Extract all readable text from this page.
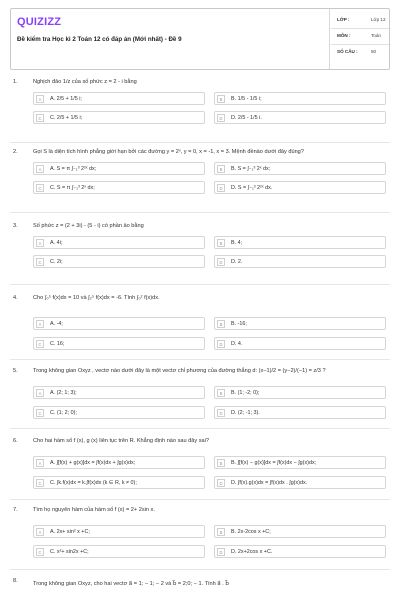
QUIZIZZ
Đề kiểm tra Học kì 2 Toán 12 có đáp án (Mới nhất) - Đề 9
LỚP :	Lớp 12
MÔN :	Toán
SỐ CÂU :	50
1.	Nghịch đảo 1/z của số phức z = 2 - i bằng
A	A. 2/5 + 1/5 i;	B	B. 1/5 - 1/5 i;
C	C. 2/5 + 1/5 i;	D	D. 2/5 - 1/5 i.
2.	Gọi S là diện tích hình phẳng giới hạn bởi các đường y = 2ˣ, y = 0, x = -1, x = 3. Mệnh đềnào dưới đây đúng?
A	A. S = π ∫₋₁³ 2²ˣ dx;	B	B. S = ∫₋₁³ 2ˣ dx;
C	C. S = π ∫₋₁³ 2ˣ dx;	D	D. S = ∫₋₁³ 2²ˣ dx.
3.	Số phức z = (2 + 3i) - (5 - i) có phần ảo bằng
A	A. 4i;	B	B. 4;
C	C. 2i;	D	D. 2.
4.	Cho ∫₀⁵ f(x)dx = 10 và ∫₂⁵ f(x)dx = -6. Tính ∫₀² f(x)dx.
A	A. -4;	B	B. -16;
C	C. 16;	D	D. 4.
5.	Trong không gian Oxyz , vectơ nào dưới đây là một vectơ chỉ phương của đường thẳng d: (x−1)/2 = (y−2)/(−1) = z/3 ?
A	A. (2; 1; 3);	B	B. (1; -2; 0);
C	C. (1; 2; 0);	D	D. (2; -1; 3).
6.	Cho hai hàm số f (x), g (x) liên tục trên R. Khẳng định nào sau đây sai?
A	A. ∫[f(x) + g(x)]dx = ∫f(x)dx + ∫g(x)dx;	B	B. ∫[f(x) − g(x)]dx = ∫f(x)dx − ∫g(x)dx;
C	C. ∫k.f(x)dx = k.∫f(x)dx (k ∈ R, k ≠ 0);	D	D. ∫f(x).g(x)dx = ∫f(x)dx . ∫g(x)dx.
7.	Tìm họ nguyên hàm của hàm số f (x) = 2+ 2sin x.
A	A. 2x+ sin² x +C;	B	B. 2x-2cos x +C;
C	C. x²+ sin2x +C;	D	D. 2x+2cos x +C.
8.	Trong không gian Oxyz, cho hai vectơ a⃗ = 1; − 1; − 2 và b⃗ = 2;0; − 1. Tính a⃗ . b⃗
